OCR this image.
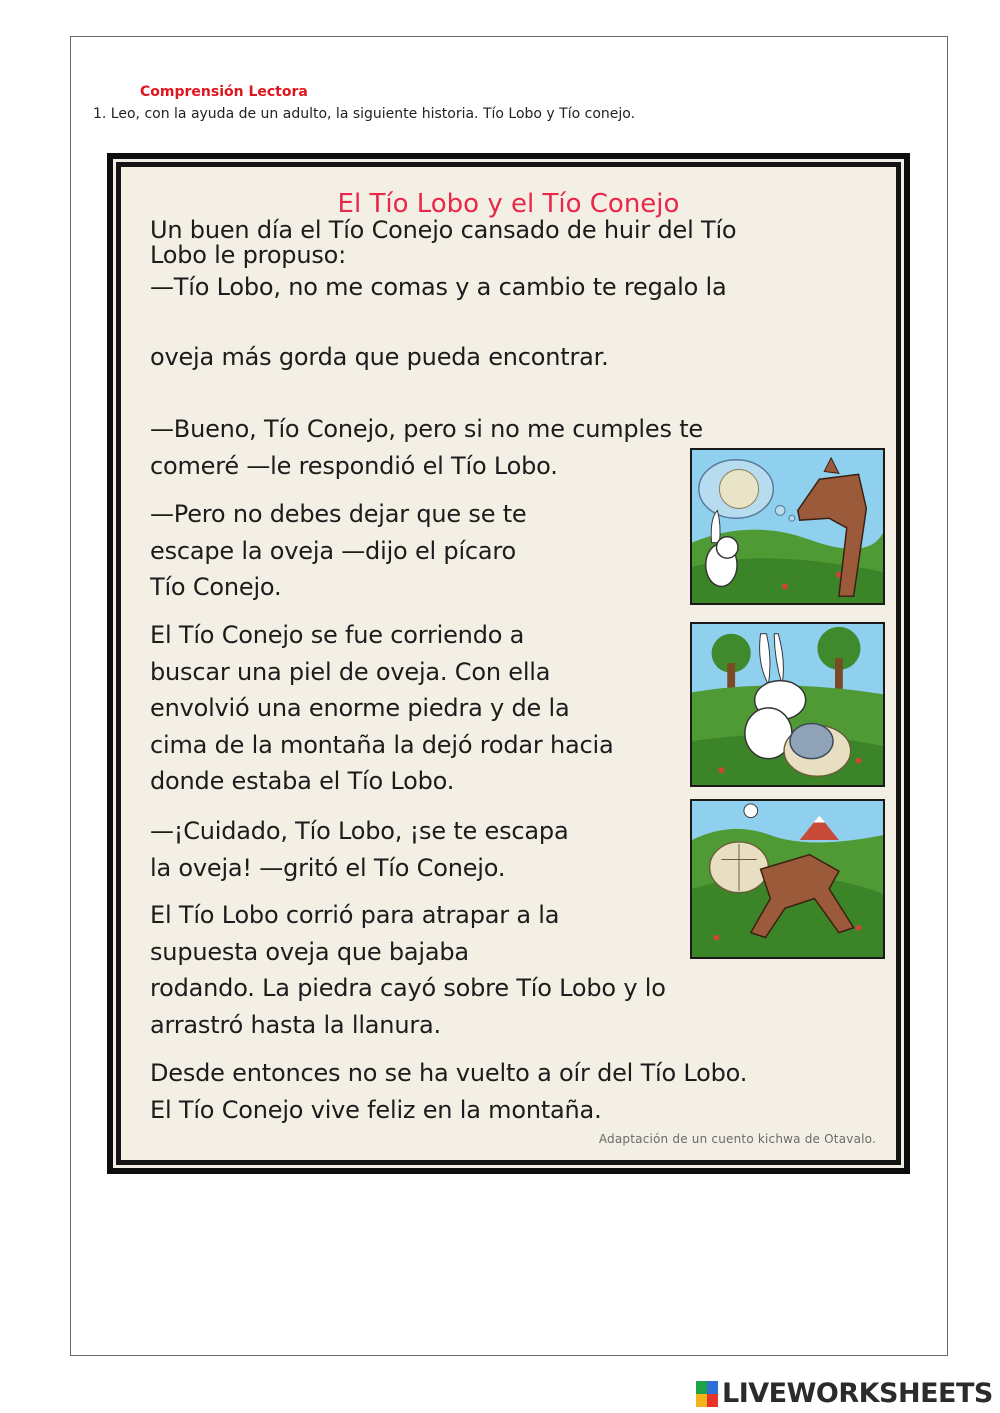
Comprensión Lectora
1. Leo, con la ayuda de un adulto, la siguiente historia. Tío Lobo y Tío conejo.
El Tío Lobo y el Tío Conejo

Un buen día el Tío Conejo cansado de huir del Tío
Lobo le propuso:

—Tío Lobo, no me comas y a cambio te regalo la

oveja más gorda que pueda encontrar.

—Bueno, Tío Conejo, pero si no me cumples te
comeré —le respondió el Tío Lobo.

—Pero no debes dejar que se te
escape la oveja —dijo el pícaro
Tío Conejo.

El Tío Conejo se fue corriendo a
buscar una piel de oveja. Con ella
envolvió una enorme piedra y de la
cima de la montaña la dejó rodar hacia
donde estaba el Tío Lobo.

—¡Cuidado, Tío Lobo, ¡se te escapa
la oveja! —gritó el Tío Conejo.

El Tío Lobo corrió para atrapar a la
supuesta oveja que bajaba
rodando. La piedra cayó sobre Tío Lobo y lo
arrastró hasta la llanura.

Desde entonces no se ha vuelto a oír del Tío Lobo.
El Tío Conejo vive feliz en la montaña.

Adaptación de un cuento kichwa de Otavalo.
LIVEWORKSHEETS
